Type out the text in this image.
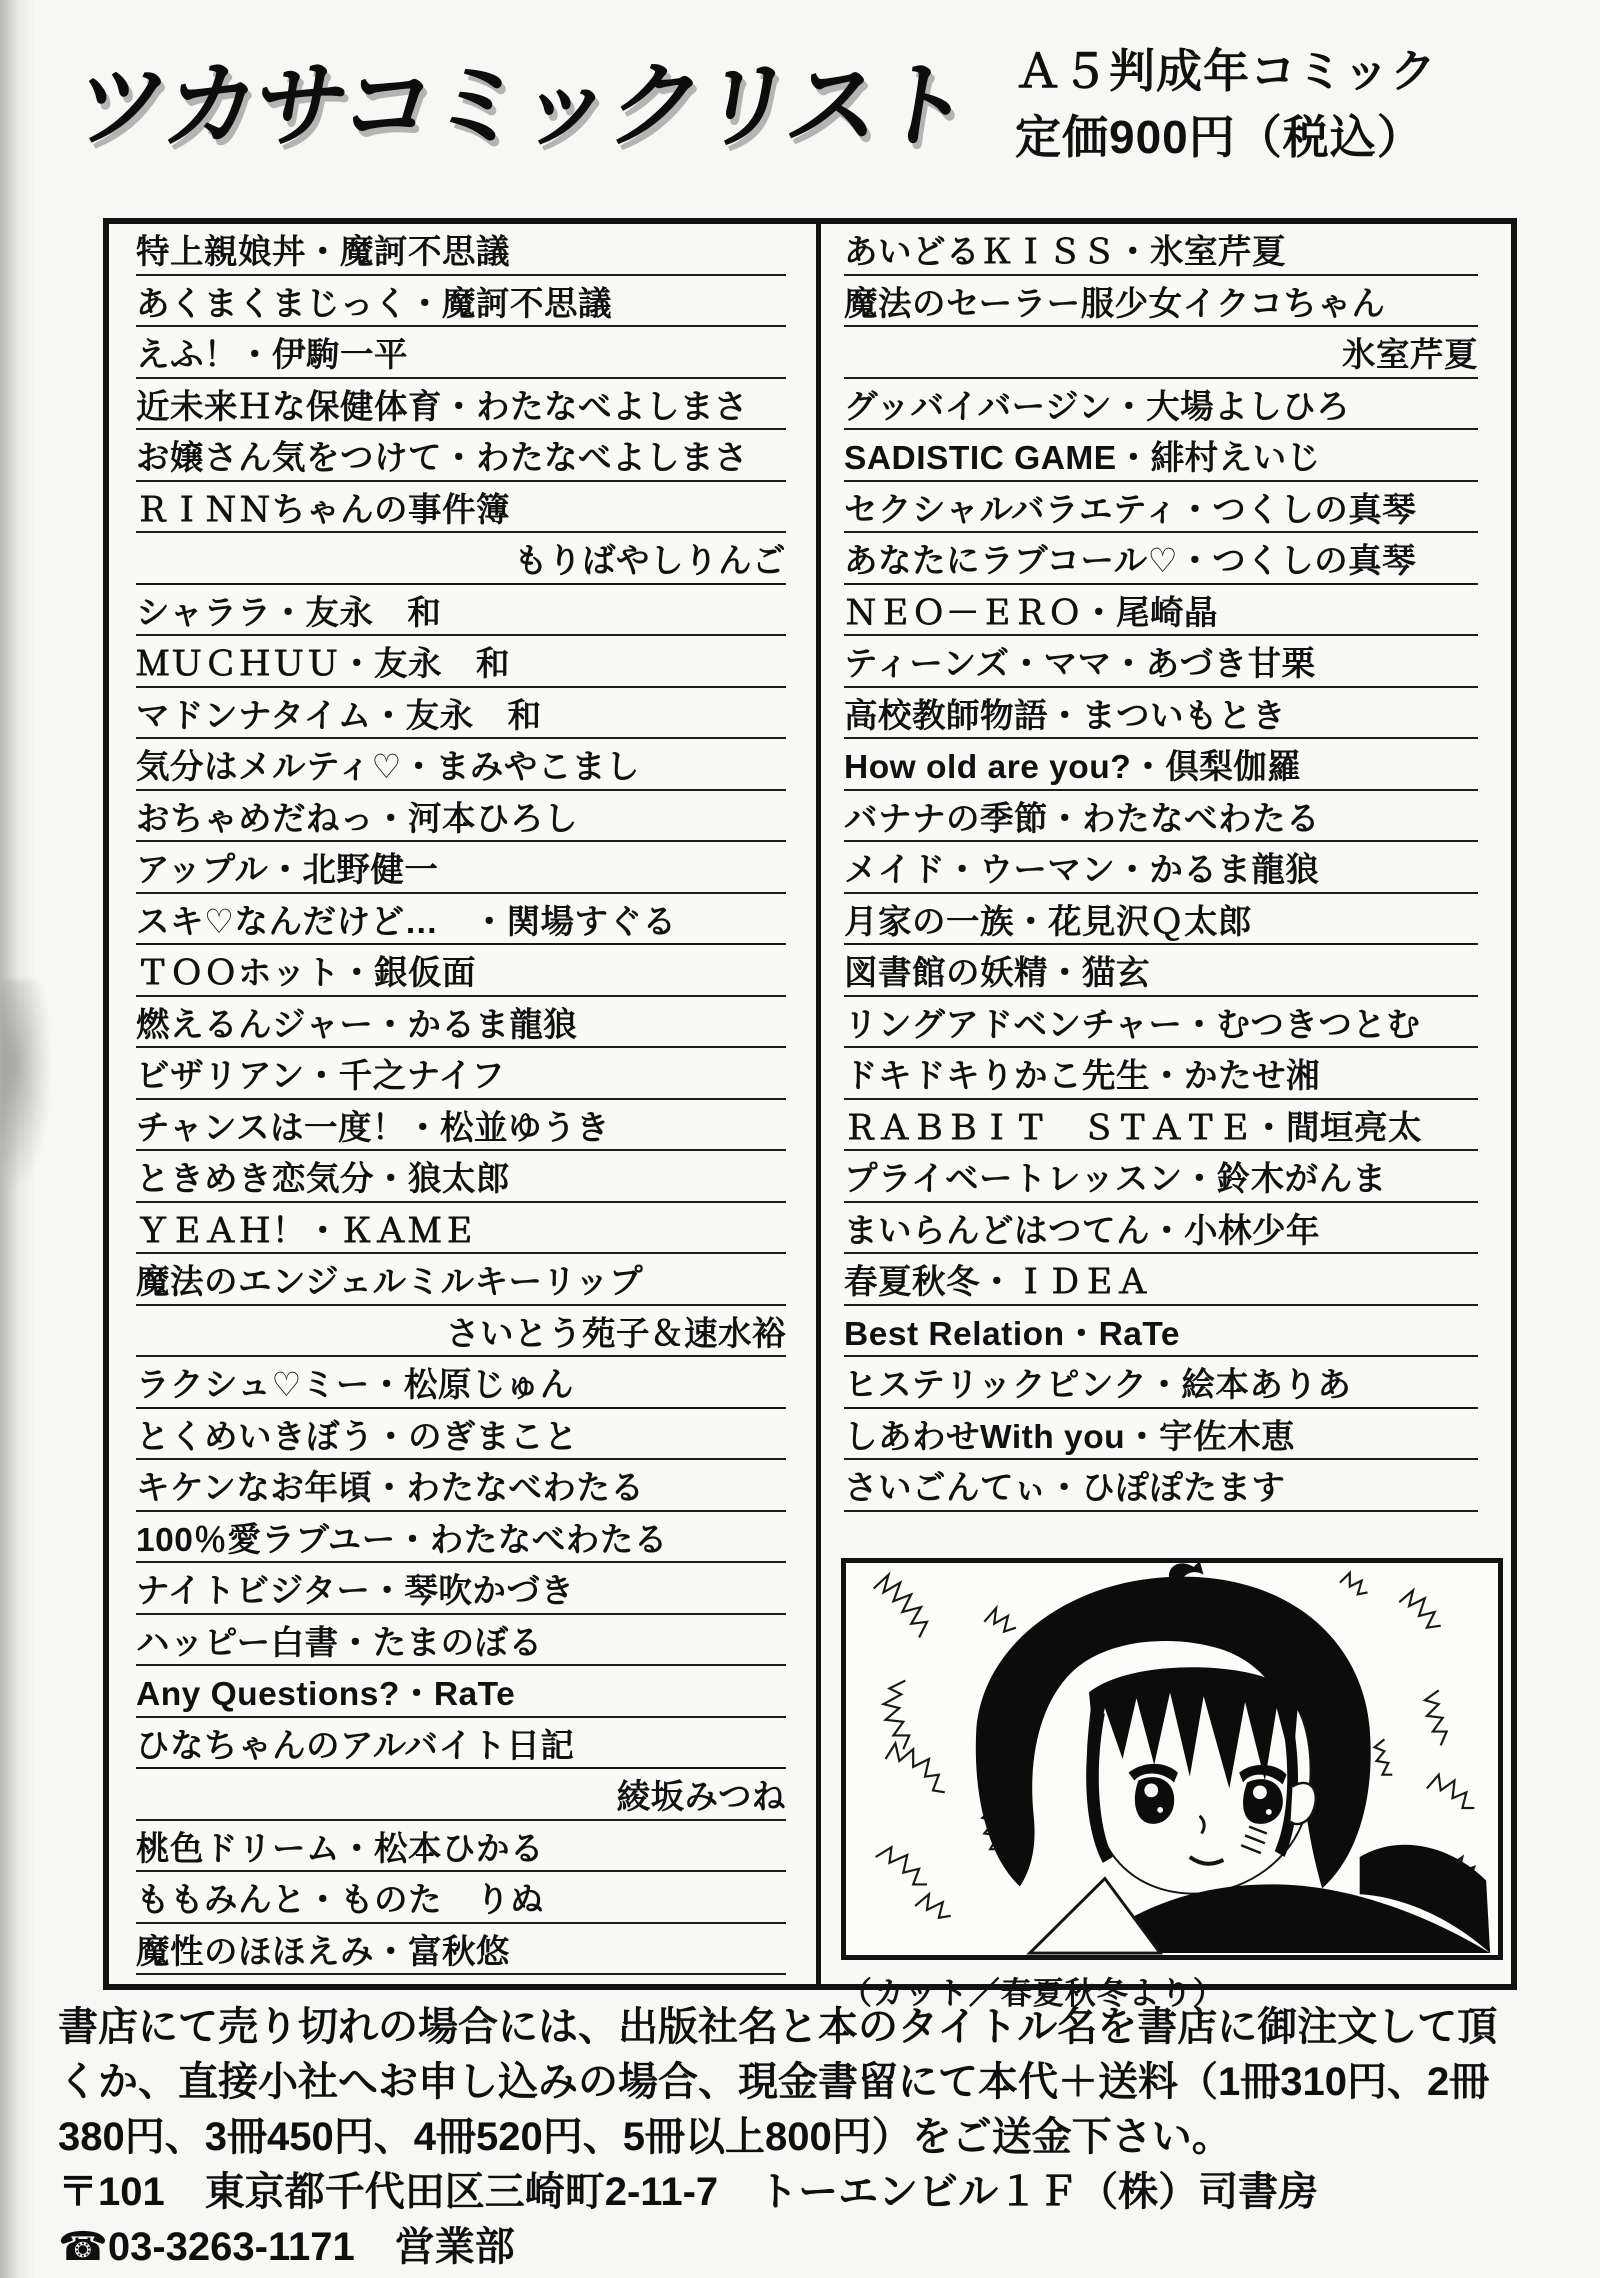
ツカサコミックリスト Ａ５判成年コミック
定価900円（税込）
特上親娘丼・魔訶不思議
あくまくまじっく・魔訶不思議
えふ！・伊駒一平
近未来Ｈな保健体育・わたなべよしまさ
お嬢さん気をつけて・わたなべよしまさ
ＲＩＮＮちゃんの事件簿
もりばやしりんご
シャララ・友永　和
ＭＵＣＨＵＵ・友永　和
マドンナタイム・友永　和
気分はメルティ♡・まみやこまし
おちゃめだねっ・河本ひろし
アップル・北野健一
スキ♡なんだけど…　・関場すぐる
ＴＯＯホット・銀仮面
燃えるんジャー・かるま龍狼
ビザリアン・千之ナイフ
チャンスは一度！・松並ゆうき
ときめき恋気分・狼太郎
ＹＥＡＨ！・ＫＡＭＥ
魔法のエンジェルミルキーリップ
さいとう苑子＆速水裕
ラクシュ♡ミー・松原じゅん
とくめいきぼう・のぎまこと
キケンなお年頃・わたなべわたる
100％愛ラブユー・わたなべわたる
ナイトビジター・琴吹かづき
ハッピー白書・たまのぼる
Any Questions?・RaTe
ひなちゃんのアルバイト日記
綾坂みつね
桃色ドリーム・松本ひかる
ももみんと・ものた　りぬ
魔性のほほえみ・富秋悠
あいどるＫＩＳＳ・氷室芹夏
魔法のセーラー服少女イクコちゃん
氷室芹夏
グッバイバージン・大場よしひろ
SADISTIC GAME・緋村えいじ
セクシャルバラエティ・つくしの真琴
あなたにラブコール♡・つくしの真琴
ＮＥＯ－ＥＲＯ・尾崎晶
ティーンズ・ママ・あづき甘栗
高校教師物語・まついもとき
How old are you?・倶梨伽羅
バナナの季節・わたなべわたる
メイド・ウーマン・かるま龍狼
月家の一族・花見沢Ｑ太郎
図書館の妖精・猫玄
リングアドベンチャー・むつきつとむ
ドキドキりかこ先生・かたせ湘
ＲＡＢＢＩＴ　ＳＴＡＴＥ・間垣亮太
プライベートレッスン・鈴木がんま
まいらんどはつてん・小林少年
春夏秋冬・ＩＤＥＡ
Best Relation・RaTe
ヒステリックピンク・絵本ありあ
しあわせWith you・宇佐木恵
さいごんてぃ・ひぽぽたます
（カット／春夏秋冬より）

書店にて売り切れの場合には、出版社名と本のタイトル名を書店に御注文して頂

くか、直接小社へお申し込みの場合、現金書留にて本代＋送料（1冊310円、2冊

380円、3冊450円、4冊520円、5冊以上800円）をご送金下さい。

〒101　東京都千代田区三崎町2-11-7　トーエンビル１Ｆ（株）司書房

☎03-3263-1171　営業部
